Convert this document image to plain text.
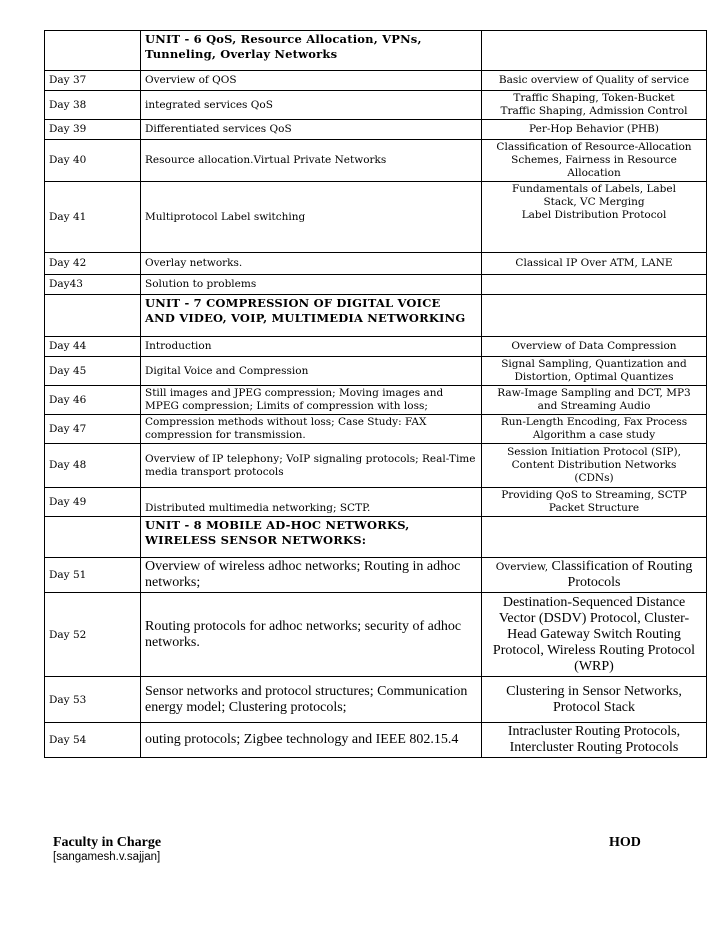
	UNIT - 6 QoS, Resource Allocation, VPNs,
Tunneling, Overlay Networks	

Day 37	Overview of QOS	Basic overview of Quality of service
Day 38	integrated services QoS	Traffic Shaping, Token-Bucket
Traffic Shaping, Admission Control

Day 39	Differentiated services QoS	Per-Hop Behavior (PHB)
Day 40	Resource allocation.Virtual Private Networks	Classification of Resource-Allocation
Schemes, Fairness in Resource
Allocation

Day 41	Multiprotocol Label switching	Fundamentals of Labels, Label
Stack, VC Merging
Label Distribution Protocol

Day 42	Overlay networks.	Classical IP Over ATM, LANE
Day43	Solution to problems	

	UNIT - 7 COMPRESSION OF DIGITAL VOICE
AND VIDEO, VOIP, MULTIMEDIA NETWORKING	

Day 44	Introduction	Overview of Data Compression
Day 45	Digital Voice and Compression	Signal Sampling, Quantization and
Distortion, Optimal Quantizes

Day 46	Still images and JPEG compression; Moving images and MPEG compression; Limits of compression with loss;	Raw-Image Sampling and DCT, MP3
and Streaming Audio

Day 47	Compression methods without loss; Case Study: FAX compression for transmission.	Run-Length Encoding, Fax Process
Algorithm a case study

Day 48	Overview of IP telephony; VoIP signaling protocols; Real-Time media transport protocols	Session Initiation Protocol (SIP),
Content Distribution Networks
(CDNs)

Day 49	Distributed multimedia networking; SCTP.	Providing QoS to Streaming, SCTP
Packet Structure

	UNIT - 8 MOBILE AD-HOC NETWORKS,
WIRELESS SENSOR NETWORKS:	

Day 51	Overview of wireless adhoc networks; Routing in adhoc networks;	Overview, Classification of Routing
Protocols

Day 52	Routing protocols for adhoc networks; security of adhoc networks.	Destination-Sequenced Distance
Vector (DSDV) Protocol, Cluster-
Head Gateway Switch Routing
Protocol, Wireless Routing Protocol
(WRP)

Day 53	Sensor networks and protocol structures; Communication energy model; Clustering protocols;	Clustering in Sensor Networks,
Protocol Stack

Day 54	outing protocols; Zigbee technology and IEEE 802.15.4	Intracluster Routing Protocols,
Intercluster Routing Protocols
Faculty in Charge	HOD
[sangamesh.v.sajjan]
